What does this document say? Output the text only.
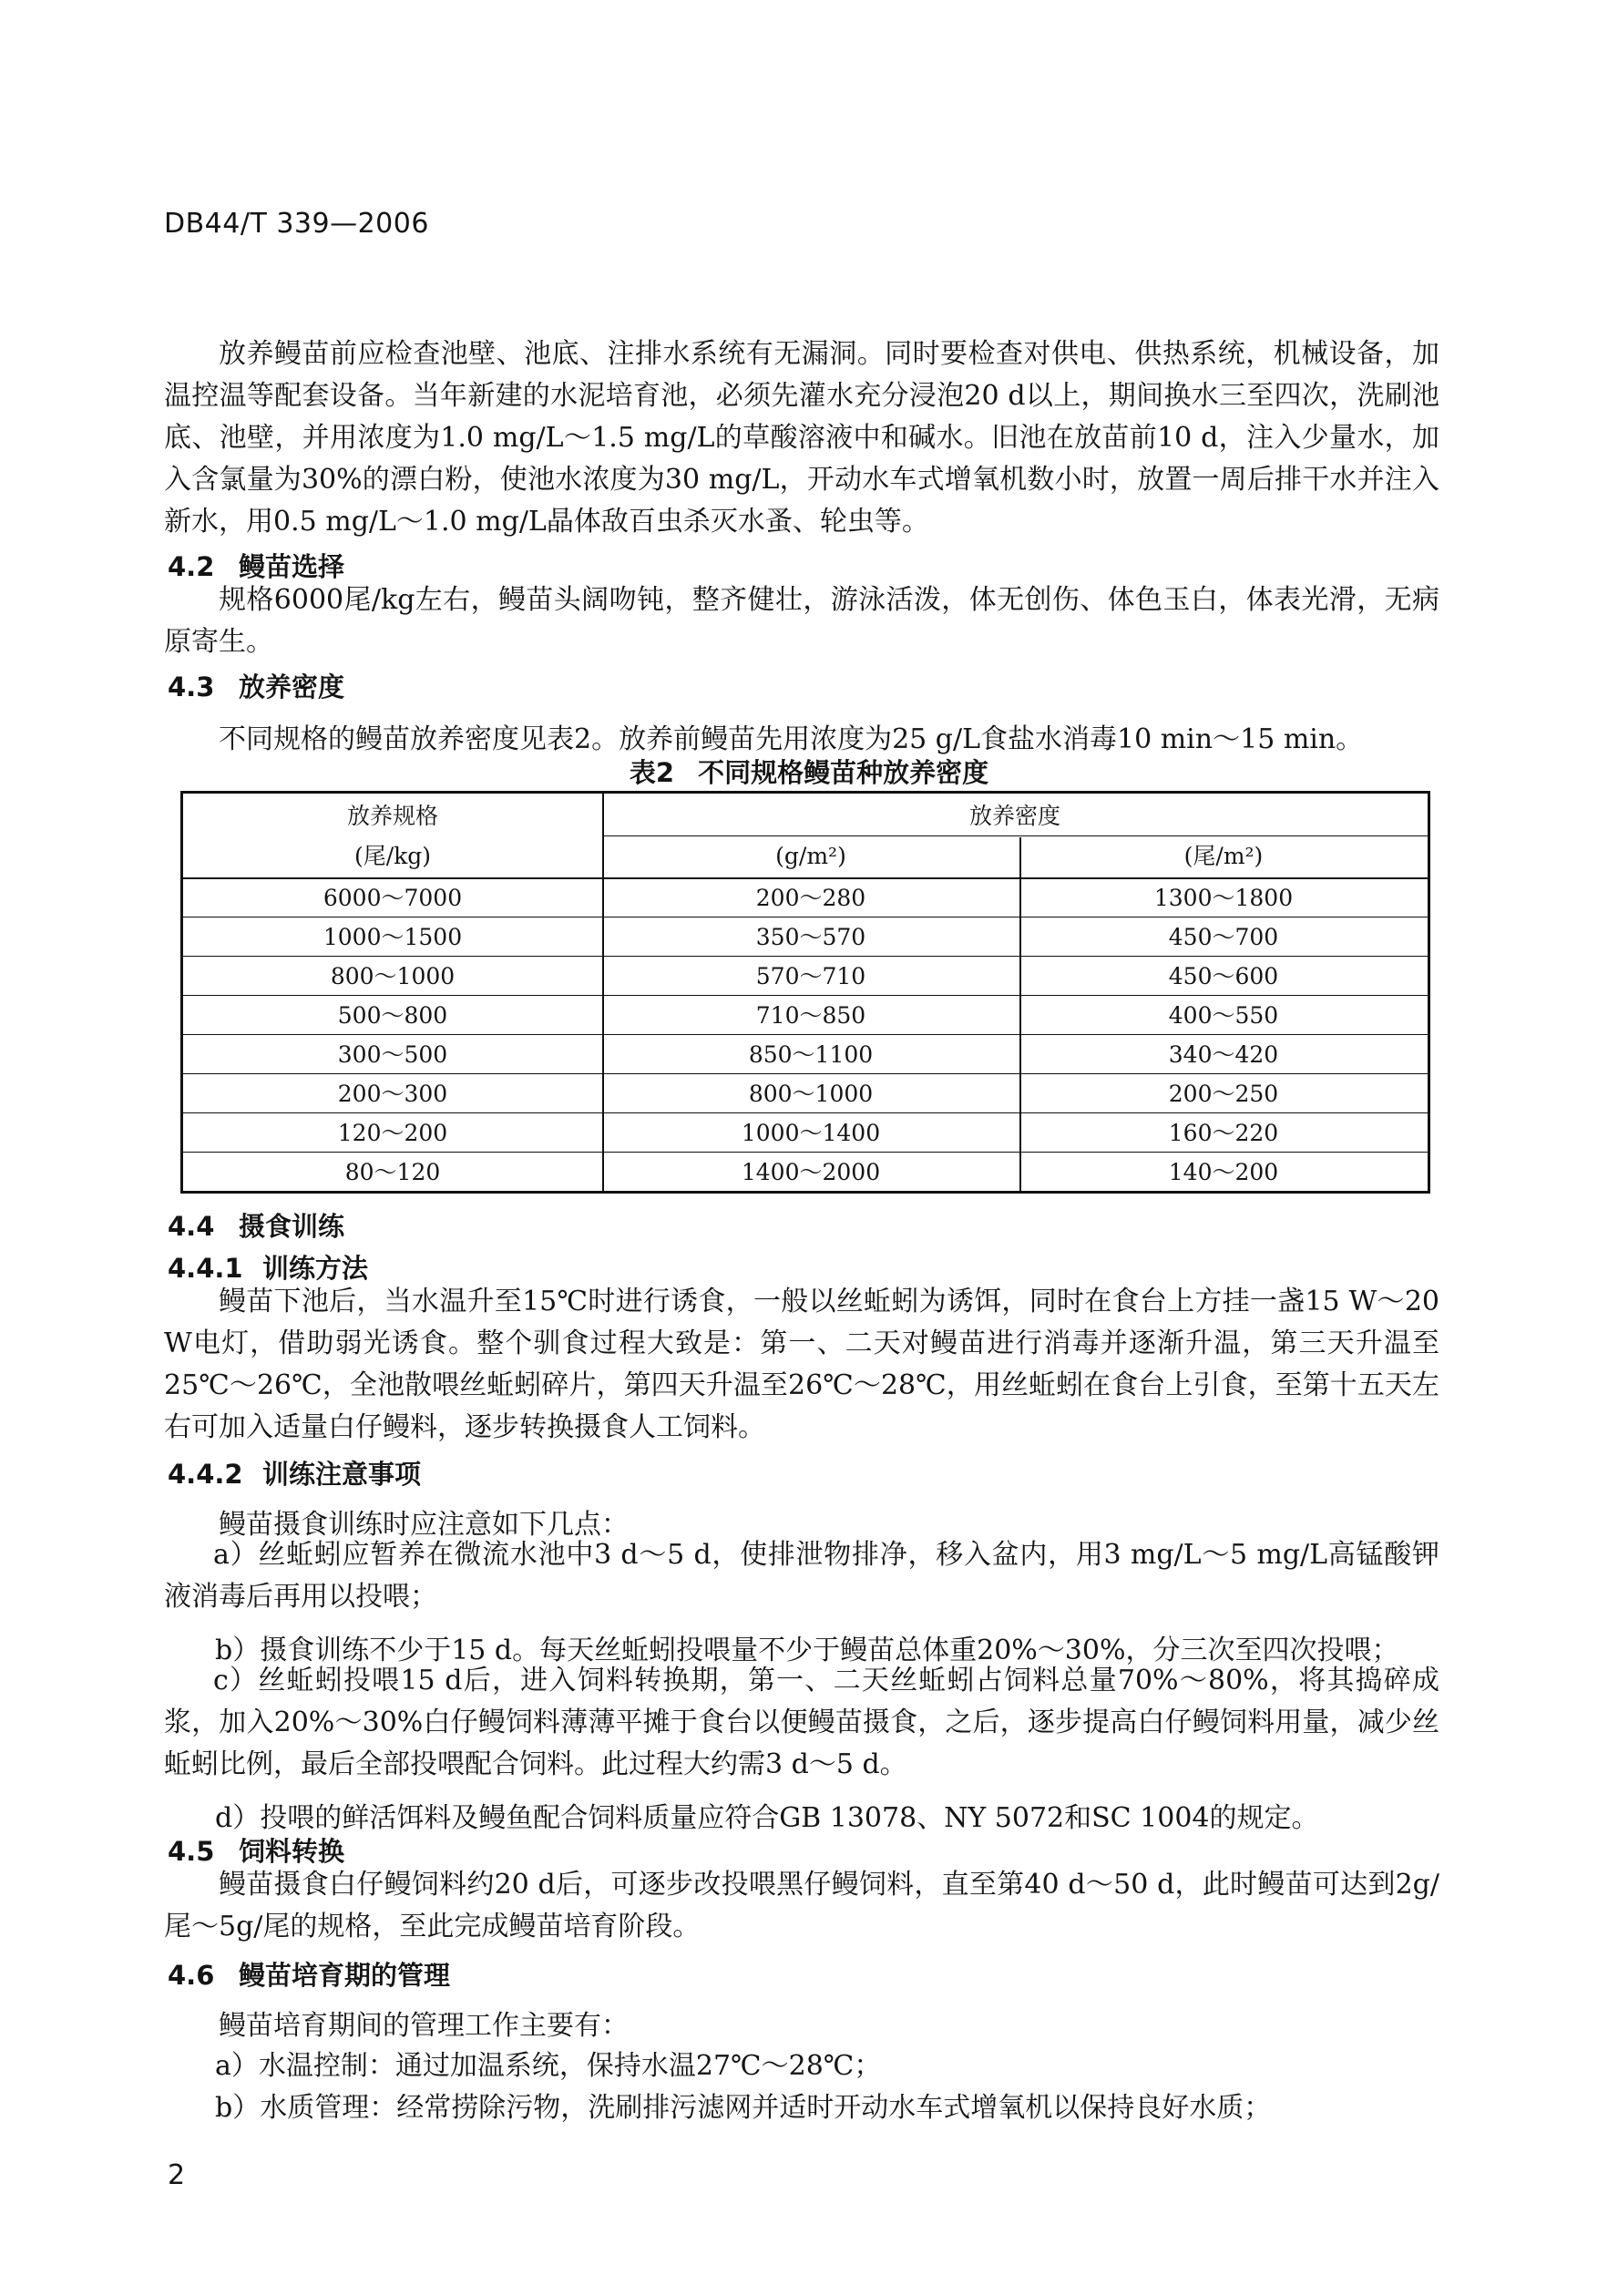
DB44/T 339—2006
放养鳗苗前应检查池壁、池底、注排水系统有无漏洞。同时要检查对供电、供热系统，机械设备，加温控温等配套设备。当年新建的水泥培育池，必须先灌水充分浸泡20 d以上，期间换水三至四次，洗刷池底、池壁，并用浓度为1.0 mg/L～1.5 mg/L的草酸溶液中和碱水。旧池在放苗前10 d，注入少量水，加入含氯量为30%的漂白粉，使池水浓度为30 mg/L，开动水车式增氧机数小时，放置一周后排干水并注入新水，用0.5 mg/L～1.0 mg/L晶体敌百虫杀灭水蚤、轮虫等。
4.2 鳗苗选择
规格6000尾/kg左右，鳗苗头阔吻钝，整齐健壮，游泳活泼，体无创伤、体色玉白，体表光滑，无病原寄生。
4.3 放养密度
不同规格的鳗苗放养密度见表2。放养前鳗苗先用浓度为25 g/L食盐水消毒10 min～15 min。
表2 不同规格鳗苗种放养密度
放养规格
(尾/kg)
放养密度
(g/m²)	(尾/m²)
6000～7000	200～280	1300～1800
1000～1500	350～570	450～700
800～1000	570～710	450～600
500～800	710～850	400～550
300～500	850～1100	340～420
200～300	800～1000	200～250
120～200	1000～1400	160～220
80～120	1400～2000	140～200
4.4 摄食训练
4.4.1 训练方法
鳗苗下池后，当水温升至15℃时进行诱食，一般以丝蚯蚓为诱饵，同时在食台上方挂一盏15 W～20 W电灯，借助弱光诱食。整个驯食过程大致是：第一、二天对鳗苗进行消毒并逐渐升温，第三天升温至25℃～26℃，全池散喂丝蚯蚓碎片，第四天升温至26℃～28℃，用丝蚯蚓在食台上引食，至第十五天左右可加入适量白仔鳗料，逐步转换摄食人工饲料。
4.4.2 训练注意事项
鳗苗摄食训练时应注意如下几点：
a）丝蚯蚓应暂养在微流水池中3 d～5 d，使排泄物排净，移入盆内，用3 mg/L～5 mg/L高锰酸钾液消毒后再用以投喂；
b）摄食训练不少于15 d。每天丝蚯蚓投喂量不少于鳗苗总体重20%～30%，分三次至四次投喂；
c）丝蚯蚓投喂15 d后，进入饲料转换期，第一、二天丝蚯蚓占饲料总量70%～80%，将其捣碎成浆，加入20%～30%白仔鳗饲料薄薄平摊于食台以便鳗苗摄食，之后，逐步提高白仔鳗饲料用量，减少丝蚯蚓比例，最后全部投喂配合饲料。此过程大约需3 d～5 d。
d）投喂的鲜活饵料及鳗鱼配合饲料质量应符合GB 13078、NY 5072和SC 1004的规定。
4.5 饲料转换
鳗苗摄食白仔鳗饲料约20 d后，可逐步改投喂黑仔鳗饲料，直至第40 d～50 d，此时鳗苗可达到2g/尾～5g/尾的规格，至此完成鳗苗培育阶段。
4.6 鳗苗培育期的管理
鳗苗培育期间的管理工作主要有：
a）水温控制：通过加温系统，保持水温27℃～28℃；
b）水质管理：经常捞除污物，洗刷排污滤网并适时开动水车式增氧机以保持良好水质；
2
